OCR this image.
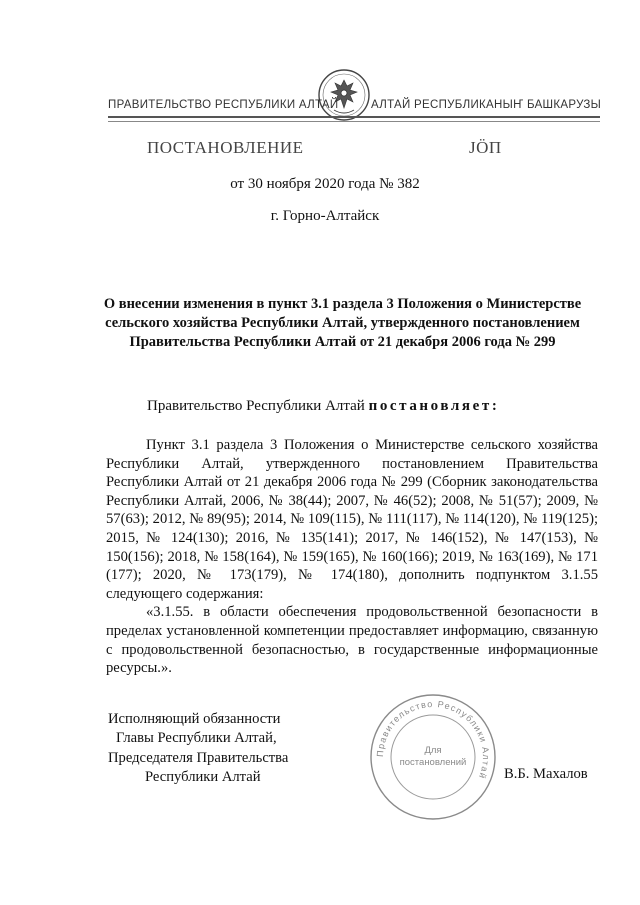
ПРАВИТЕЛЬСТВО РЕСПУБЛИКИ АЛТАЙ	АЛТАЙ РЕСПУБЛИКАНЫҤ БАШКАРУЗЫ
ПОСТАНОВЛЕНИЕ	ЈÖП
от 30 ноября 2020 года № 382
г. Горно-Алтайск
О внесении изменения в пункт 3.1 раздела 3 Положения о Министерстве сельского хозяйства Республики Алтай, утвержденного постановлением Правительства Республики Алтай от 21 декабря 2006 года № 299
Правительство Республики Алтай постановляет:

Пункт 3.1 раздела 3 Положения о Министерстве сельского хозяйства Республики Алтай, утвержденного постановлением Правительства Республики Алтай от 21 декабря 2006 года № 299 (Сборник законодательства Республики Алтай, 2006, № 38(44); 2007, № 46(52); 2008, № 51(57); 2009, № 57(63); 2012, № 89(95); 2014, № 109(115), № 111(117), № 114(120), № 119(125); 2015, № 124(130); 2016, № 135(141); 2017, № 146(152), № 147(153), № 150(156); 2018, № 158(164), № 159(165), № 160(166); 2019, № 163(169), № 171 (177); 2020, № 173(179), № 174(180), дополнить подпунктом 3.1.55 следующего содержания:

«3.1.55. в области обеспечения продовольственной безопасности в пределах установленной компетенции предоставляет информацию, связанную с продовольственной безопасностью, в государственные информационные ресурсы.».

Исполняющий обязанности
Главы Республики Алтай,
Председателя Правительства
Республики Алтай	В.Б. Махалов
Правительство Республики Алтай
Для
постановлений
